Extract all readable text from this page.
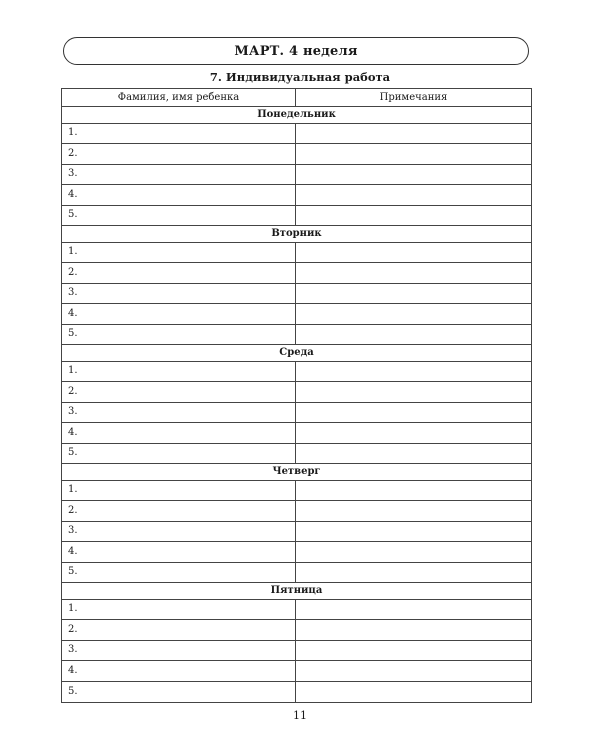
МАРТ. 4 неделя
7. Индивидуальная работа
Фамилия, имя ребенка	Примечания
Понедельник	
1.	
2.	
3.	
4.	
5.	
Вторник	
1.	
2.	
3.	
4.	
5.	
Среда	
1.	
2.	
3.	
4.	
5.	
Четверг	
1.	
2.	
3.	
4.	
5.	
Пятница	
1.	
2.	
3.	
4.	
5.	
11
